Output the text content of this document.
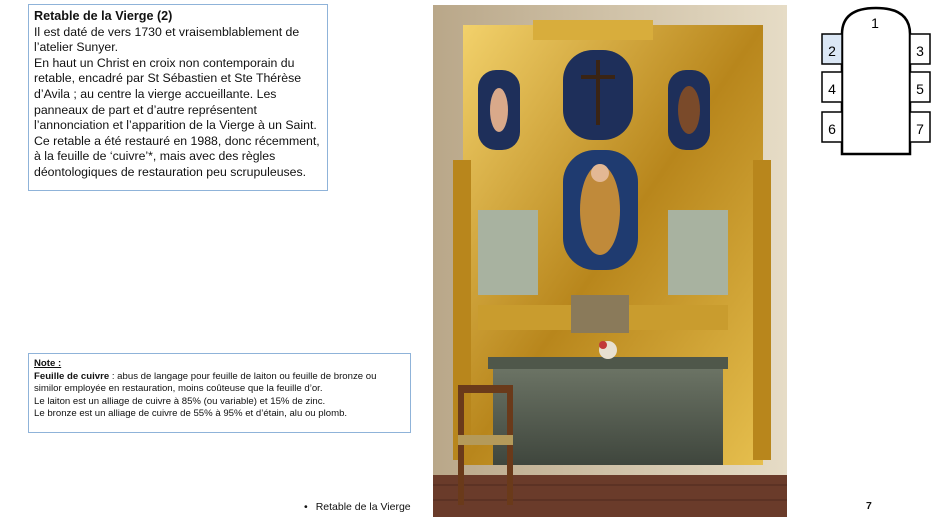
Retable de la Vierge (2)

Il est daté de vers 1730 et vraisemblablement de l’atelier Sunyer.

En haut un Christ en croix non contemporain du retable, encadré par St Sébastien et Ste Thérèse d’Avila ; au centre la vierge accueillante. Les panneaux de part et d’autre représentent l’annonciation et l’apparition de la Vierge à un Saint.

Ce retable a été restauré en 1988, donc récemment, à la feuille de ‘cuivre’*, mais avec des règles déontologiques de restauration peu scrupuleuses.

Note :

Feuille de cuivre : abus de langage pour feuille de laiton ou feuille de bronze ou similor employée en restauration, moins coûteuse que la feuille d’or.

Le laiton est un alliage de cuivre à 85% (ou variable) et 15% de zinc.

Le bronze est un alliage de cuivre de 55% à 95% et d’étain, alu ou plomb.

1
2	3
4	5
6	7
• Retable de la Vierge	7
